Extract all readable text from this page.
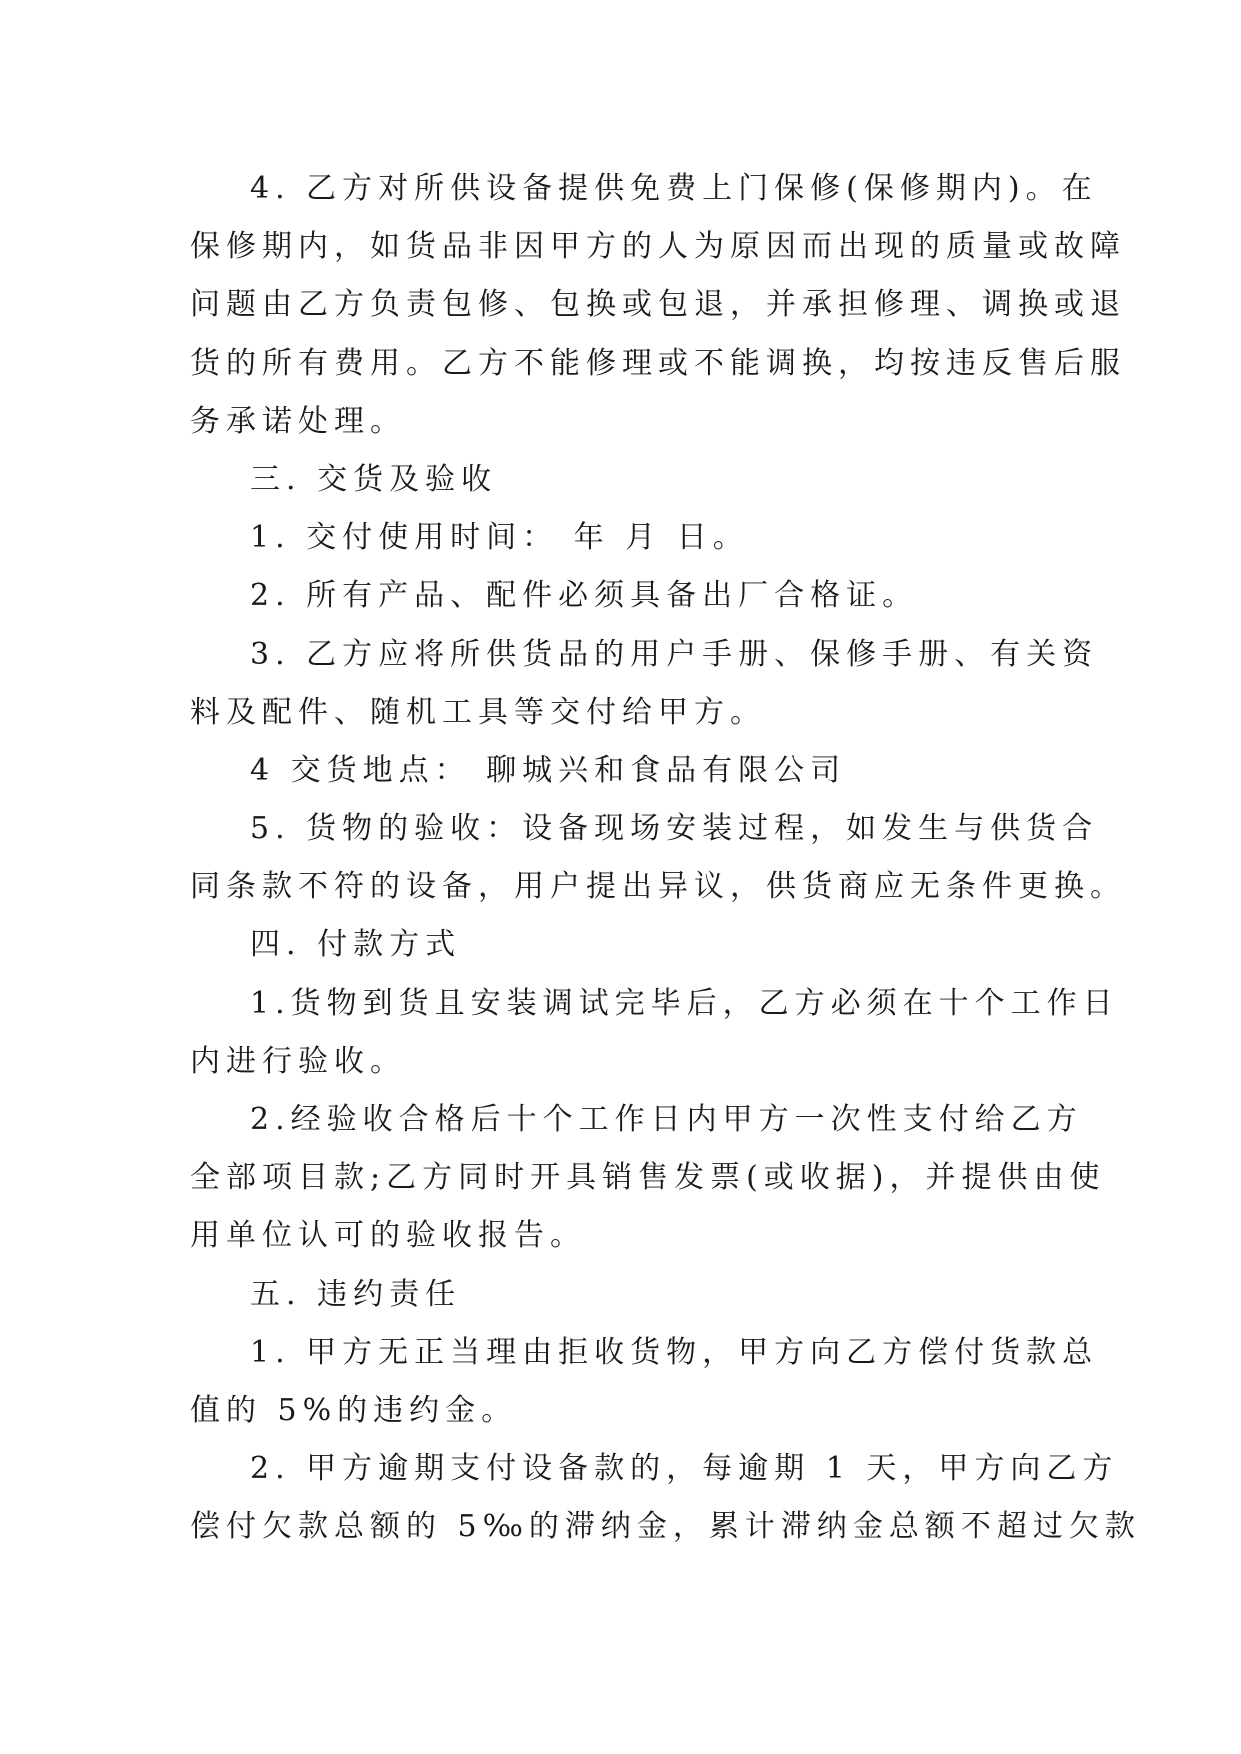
4. 乙方对所供设备提供免费上门保修(保修期内)。在
保修期内，如货品非因甲方的人为原因而出现的质量或故障
问题由乙方负责包修、包换或包退，并承担修理、调换或退
货的所有费用。乙方不能修理或不能调换，均按违反售后服
务承诺处理。
三. 交货及验收
1. 交付使用时间： 年 月 日。
2. 所有产品、配件必须具备出厂合格证。
3. 乙方应将所供货品的用户手册、保修手册、有关资
料及配件、随机工具等交付给甲方。
4 交货地点： 聊城兴和食品有限公司
5. 货物的验收：设备现场安装过程，如发生与供货合
同条款不符的设备，用户提出异议，供货商应无条件更换。
四. 付款方式
1.货物到货且安装调试完毕后，乙方必须在十个工作日
内进行验收。
2.经验收合格后十个工作日内甲方一次性支付给乙方
全部项目款;乙方同时开具销售发票(或收据)，并提供由使
用单位认可的验收报告。
五. 违约责任
1. 甲方无正当理由拒收货物，甲方向乙方偿付货款总
值的 5%的违约金。
2. 甲方逾期支付设备款的，每逾期 1 天，甲方向乙方
偿付欠款总额的 5‰的滞纳金，累计滞纳金总额不超过欠款
